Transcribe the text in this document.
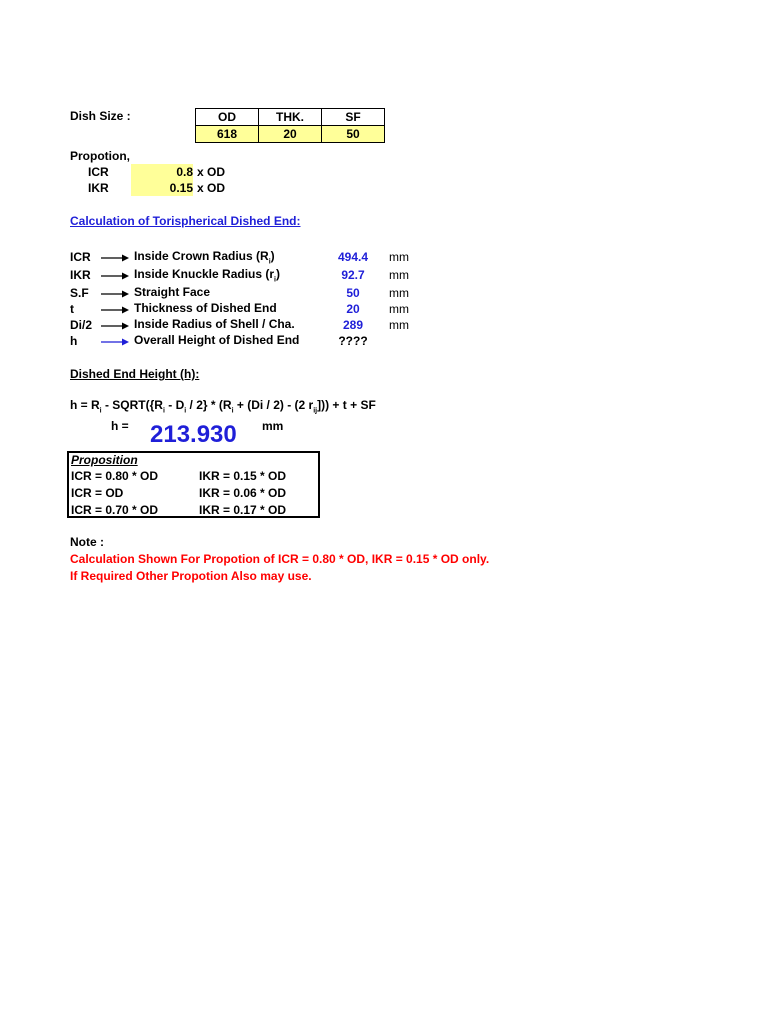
Dish Size :	OD	THK.	SF
618	20	50
Propotion,
ICR	0.8 x OD
IKR	0.15 x OD
Calculation of Torispherical Dished End:
ICR	Inside Crown Radius $(R_i)$	494.4	mm
IKR	Inside Knuckle Radius $(r_i)$	92.7	mm
S.F	Straight Face	50	mm
t	Thickness of Dished End	20	mm
Di/2	Inside Radius of Shell / Cha.	289	mm
h	Overall Height of Dished End	????
Dished End Height (h):
$h = R_i$ - $SQRT(\{R_i - D_i / 2\} * (R_i + (Di / 2) - (2$ $r_{ij}])) + t$ + SF
h = 213.930 mm
Proposition
ICR = 0.80 * OD	IKR = 0.15 * OD
ICR = OD	IKR = 0.06 * OD
ICR = 0.70 * OD	IKR = 0.17 * OD
Note :
Calculation Shown For Propotion of ICR = 0.80 * OD, IKR = 0.15 * OD only.
If Required Other Propotion Also may use.
